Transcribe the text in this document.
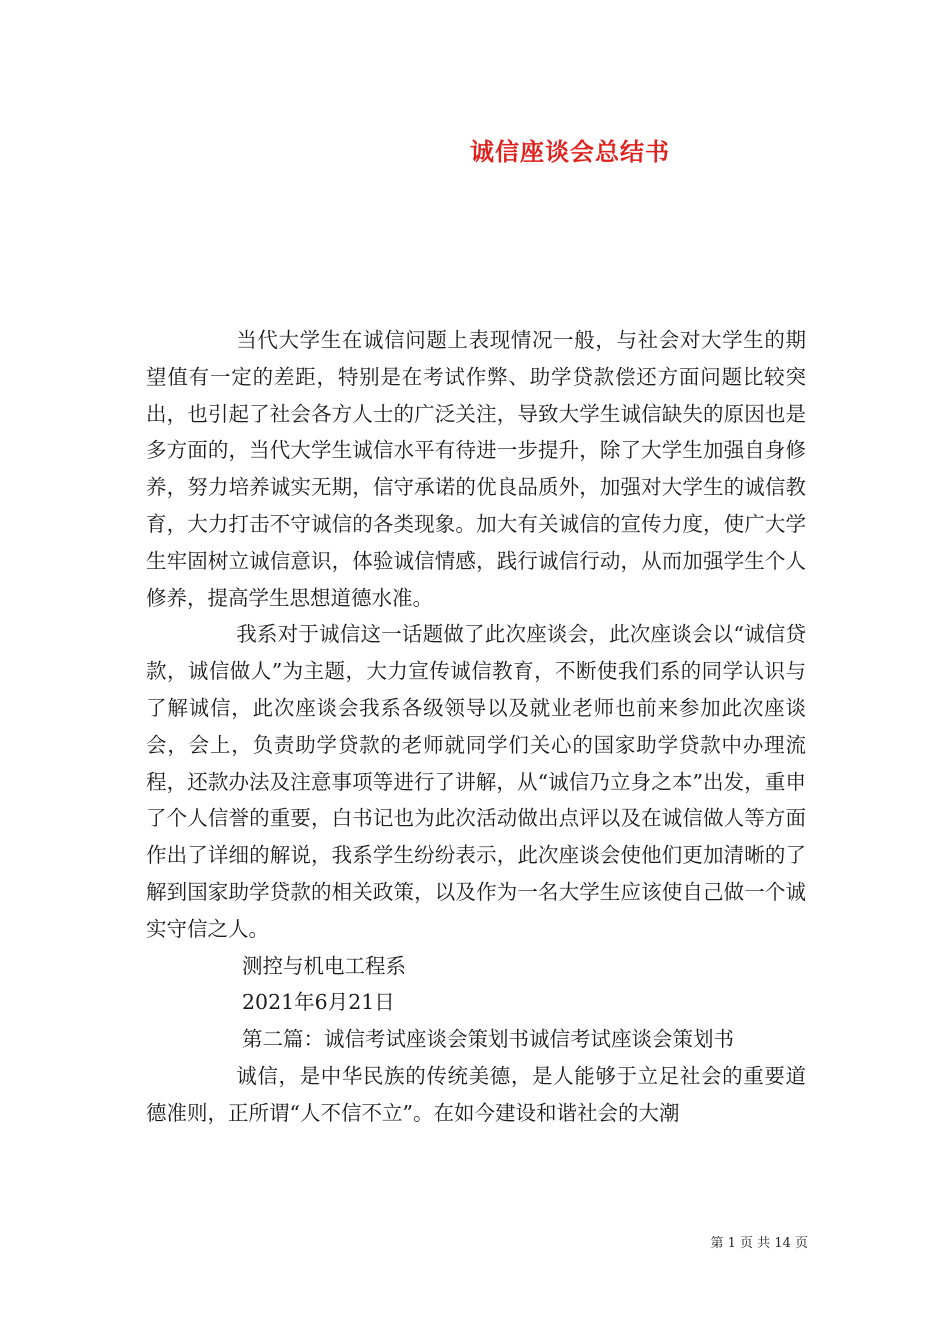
诚信座谈会总结书

当代大学生在诚信问题上表现情况一般，与社会对大学生的期望值有一定的差距，特别是在考试作弊、助学贷款偿还方面问题比较突出，也引起了社会各方人士的广泛关注，导致大学生诚信缺失的原因也是多方面的，当代大学生诚信水平有待进一步提升，除了大学生加强自身修养，努力培养诚实无期，信守承诺的优良品质外，加强对大学生的诚信教育，大力打击不守诚信的各类现象。加大有关诚信的宣传力度，使广大学生牢固树立诚信意识，体验诚信情感，践行诚信行动，从而加强学生个人修养，提高学生思想道德水准。

我系对于诚信这一话题做了此次座谈会，此次座谈会以“诚信贷款，诚信做人”为主题，大力宣传诚信教育，不断使我们系的同学认识与了解诚信，此次座谈会我系各级领导以及就业老师也前来参加此次座谈会，会上，负责助学贷款的老师就同学们关心的国家助学贷款中办理流程，还款办法及注意事项等进行了讲解，从“诚信乃立身之本”出发，重申了个人信誉的重要，白书记也为此次活动做出点评以及在诚信做人等方面作出了详细的解说，我系学生纷纷表示，此次座谈会使他们更加清晰的了解到国家助学贷款的相关政策，以及作为一名大学生应该使自己做一个诚实守信之人。

测控与机电工程系

2021年6月21日

第二篇：诚信考试座谈会策划书诚信考试座谈会策划书

诚信，是中华民族的传统美德，是人能够于立足社会的重要道德准则，正所谓“人不信不立”。在如今建设和谐社会的大潮

第 1 页 共 14 页
